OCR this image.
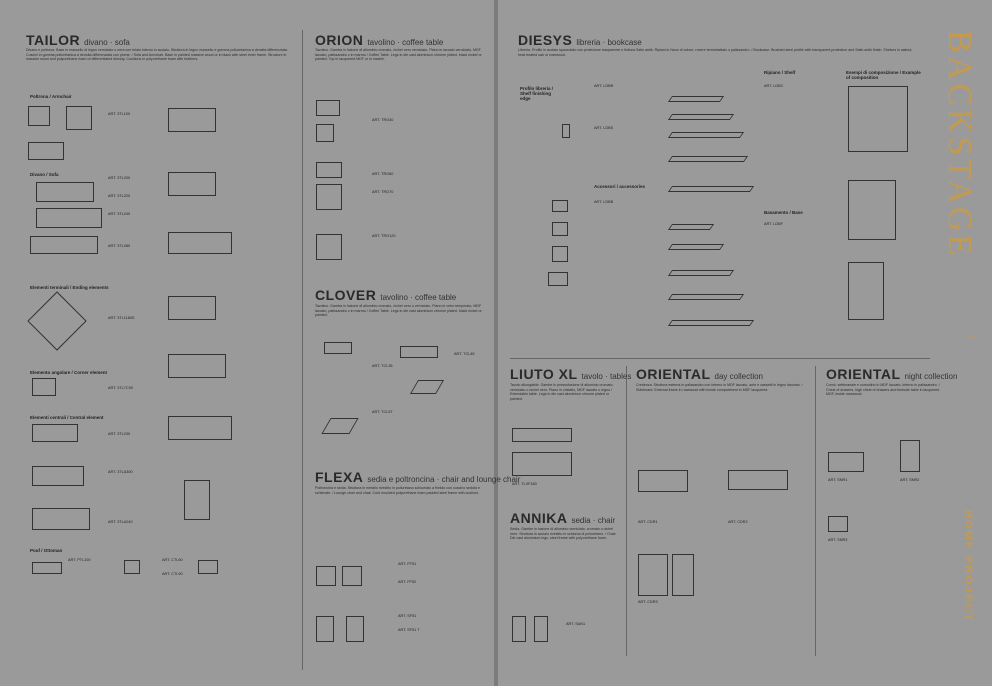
TAILOR divano · sofa
Divano e poltrona. Base in massello di legno verniciato o nera con telaio interno in acciaio. Struttura in legno massello e gomma poliuretanica a densità differenziata. Cuscini in gomma poliuretanica a densità differenziata con piume. / Sofa and Armchair. Base in painted massive wood or in black with steel inner frame. Structure in massive wood and polyurethane foam of differentiated density. Cushions in polyurethane foam with feathers.
Poltrona / Armchair
Divano / Sofa
Elementi terminali / Ending elements
Elemento angolare / Corner element
Elementi centrali / Central element
Pouf / Ottoman
ART. 3TL100
ART. 3TL200
ART. 3TL220
ART. 3TL240
ART. 3TL280
ART. 3TL1180S
ART. 3TL7C90
ART. 3TL230
ART. 3TLA300
ART. 3TLA240
ART. PTL100	ART. CTL60
ART. CTL90
ORION tavolino · coffee table
Tavolino. Gamba in fusione di alluminio cromato, nichel nero verniciato. Piano in laccato verniciato, MDF laccato, palissandro o in marmo / Coffee Table. Legs in die cast aluminium chrome plated, black nickel or painted. Top in lacquered MDF or in marble.
ART. TRO40
ART. TRO60
ART. TRO70
ART. TRO120
CLOVER tavolino · coffee table
Tavolino. Gamba in fusione di alluminio cromato, nichel nero o verniciato. Piano in vetro temperato, MDF laccato, palissandro o in marmo / Coffee Table. Legs in die cast aluminium chrome plated, black nickel or painted.
ART. TCL35
ART. TCL45
ART. TCL57
FLEXA sedia e poltroncina · chair and lounge chair
Poltroncina e sedia. Struttura in metallo rivestito in poliuretano schiumato a freddo con cuscino seduta e schienale. / Lounge chair and chair. Cold moulded polyurethane foam padded steel frame with cushion.
ART. FF51
ART. FF52
ART. SF51
ART. SF51 T
DIESYS libreria · bookcase
Libreria. Profilo in acciaio spazzolato con protezione trasparente e finitura Satin antik. Ripiani in Noce di colore, rovere termotrattato o palissandro. / Bookcase. Brushed steel profile with transparent protection and Satin antik finish. Shelves in walnut, heat treated oak or rosewood.
Profilo libreria / Shelf finishing edge
Accessori / accessories
Ripiano / Shelf
Basamento / Base
Esempi di composizione / Example of composition
ART. LDBR
ART. LDBS
ART. LDBB
ART. LDBC
ART. LDBF
LIUTO XL tavolo · tables
Tavolo allungabile. Gambe in pressofusione di alluminio cromato, verniciato o nichel nero. Piano in cristallo, MDF laccato o legno / Extendable table. Legs in die cast aluminium chrome plated or painted.
ART. TLXF180
ANNIKA sedia · chair
Sedia. Gambe in fusione di alluminio verniciato, cromato o nichel nero. Struttura in acciaio rivestito in schiuma di poliuretano. / Chair. Die cast aluminium legs, steel frame with polyurethane foam.
ART. SAN1
ORIENTAL day collection
Credenza. Struttura esterna in palissandro con interno in MDF laccato, ante e cassetti in legno lavorato. / Sideboard. External frame in rosewood with inside compartment in MDF lacquered.
ART. CDR1	ART. CDR2
ART. CDR3
ORIENTAL night collection
Comò, settimanale e comodino in MDF laccato, interno in palissandro. / Chest of drawers, high chest of drawers and bedside table in lacquered MDF, inside rosewood.
ART. SNR1	ART. SNR2
ART. SNR3
BACKSTAGE
0123
HOME PROJECT
